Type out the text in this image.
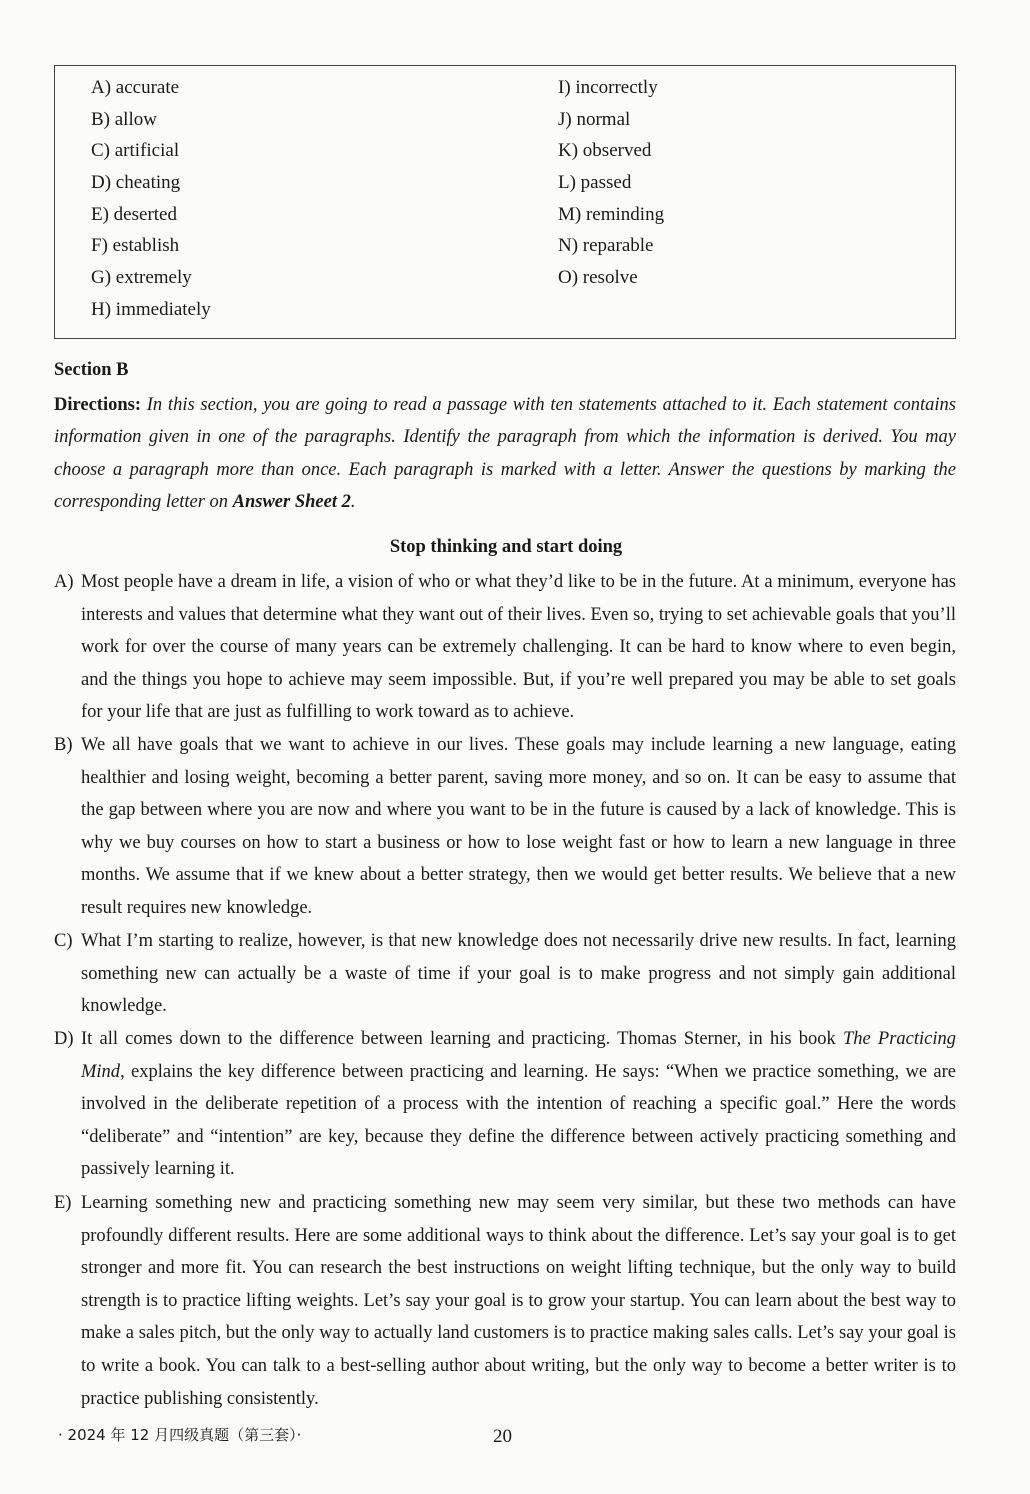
A) accurate
B) allow
C) artificial
D) cheating
E) deserted
F) establish
G) extremely
H) immediately
I) incorrectly
J) normal
K) observed
L) passed
M) reminding
N) reparable
O) resolve
Section B
Directions: In this section, you are going to read a passage with ten statements attached to it. Each statement contains information given in one of the paragraphs. Identify the paragraph from which the information is derived. You may choose a paragraph more than once. Each paragraph is marked with a letter. Answer the questions by marking the corresponding letter on Answer Sheet 2.
Stop thinking and start doing
A) Most people have a dream in life, a vision of who or what they’d like to be in the future. At a minimum, everyone has interests and values that determine what they want out of their lives. Even so, trying to set achievable goals that you’ll work for over the course of many years can be extremely challenging. It can be hard to know where to even begin, and the things you hope to achieve may seem impossible. But, if you’re well prepared you may be able to set goals for your life that are just as fulfilling to work toward as to achieve.
B) We all have goals that we want to achieve in our lives. These goals may include learning a new language, eating healthier and losing weight, becoming a better parent, saving more money, and so on. It can be easy to assume that the gap between where you are now and where you want to be in the future is caused by a lack of knowledge. This is why we buy courses on how to start a business or how to lose weight fast or how to learn a new language in three months. We assume that if we knew about a better strategy, then we would get better results. We believe that a new result requires new knowledge.
C) What I’m starting to realize, however, is that new knowledge does not necessarily drive new results. In fact, learning something new can actually be a waste of time if your goal is to make progress and not simply gain additional knowledge.
D) It all comes down to the difference between learning and practicing. Thomas Sterner, in his book The Practicing Mind, explains the key difference between practicing and learning. He says: “When we practice something, we are involved in the deliberate repetition of a process with the intention of reaching a specific goal.” Here the words “deliberate” and “intention” are key, because they define the difference between actively practicing something and passively learning it.
E) Learning something new and practicing something new may seem very similar, but these two methods can have profoundly different results. Here are some additional ways to think about the difference. Let’s say your goal is to get stronger and more fit. You can research the best instructions on weight lifting technique, but the only way to build strength is to practice lifting weights. Let’s say your goal is to grow your startup. You can learn about the best way to make a sales pitch, but the only way to actually land customers is to practice making sales calls. Let’s say your goal is to write a book. You can talk to a best-selling author about writing, but the only way to become a better writer is to practice publishing consistently.
· 2024 年 12 月四级真题（第三套）·	20
